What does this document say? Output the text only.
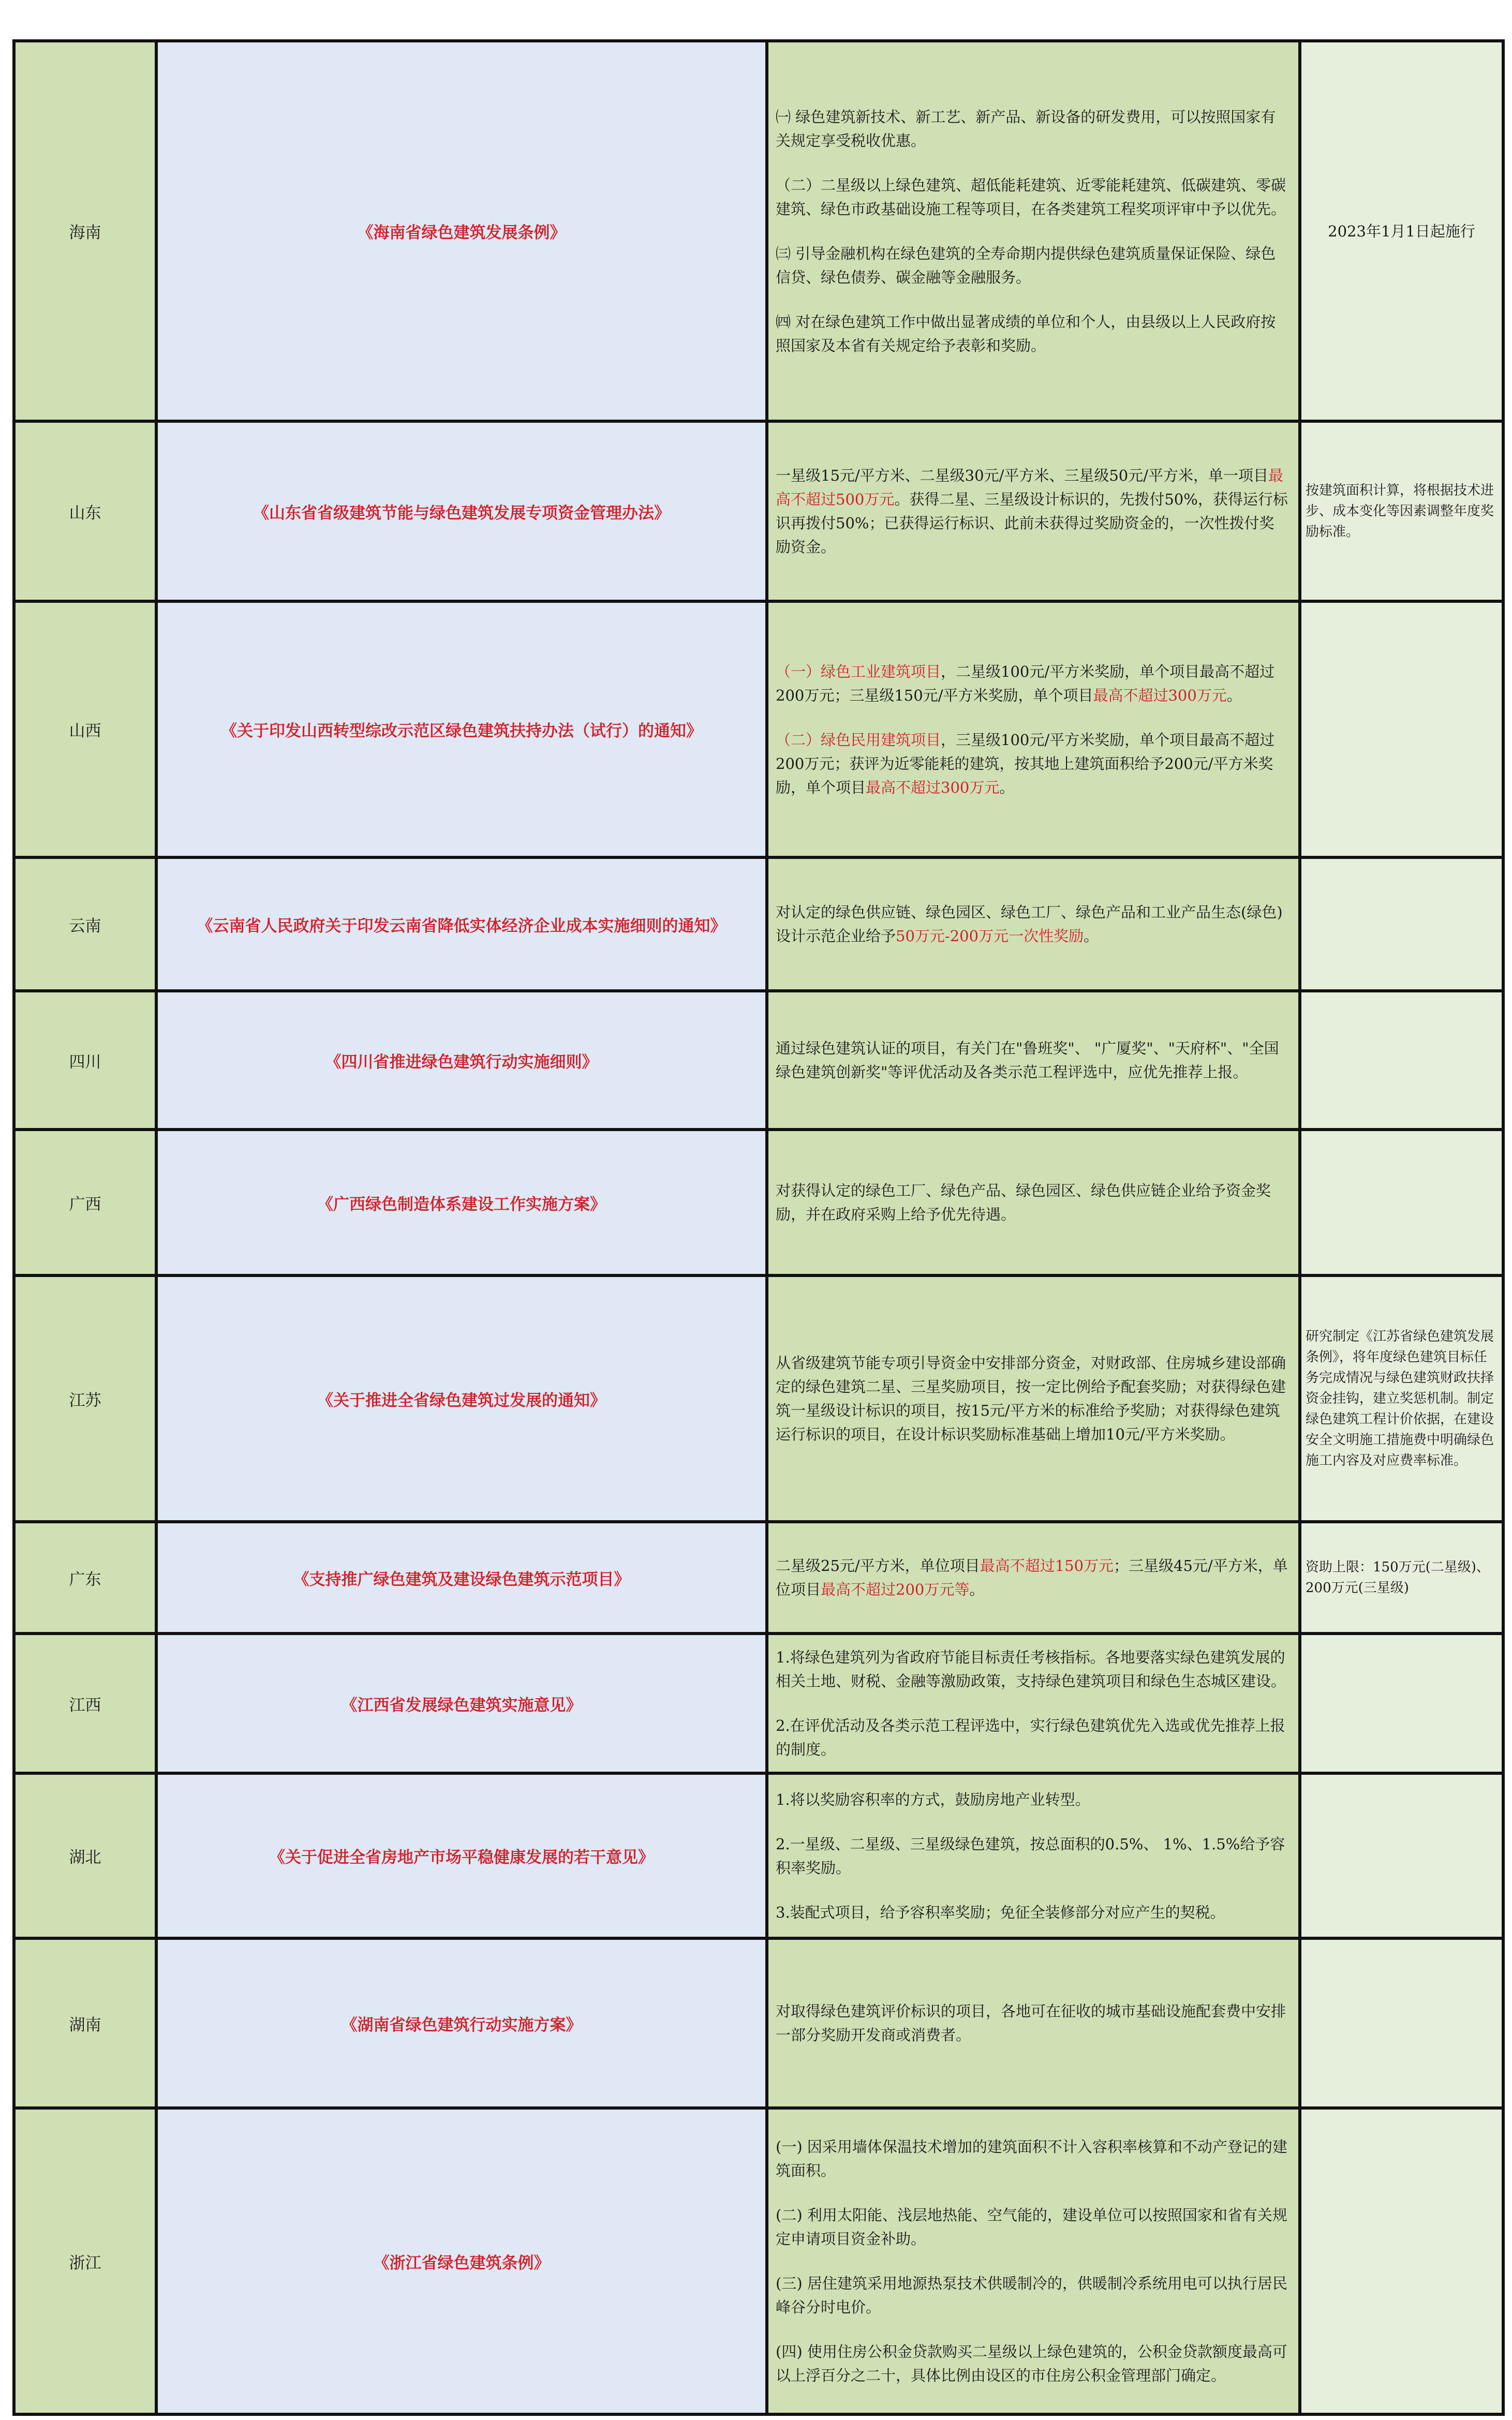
海南	《海南省绿色建筑发展条例》	㈠ 绿色建筑新技术、新工艺、新产品、新设备的研发费用，可以按照国家有关规定享受税收优惠。

（二）二星级以上绿色建筑、超低能耗建筑、近零能耗建筑、低碳建筑、零碳建筑、绿色市政基础设施工程等项目，在各类建筑工程奖项评审中予以优先。

㈢ 引导金融机构在绿色建筑的全寿命期内提供绿色建筑质量保证保险、绿色信贷、绿色债券、碳金融等金融服务。

㈣ 对在绿色建筑工作中做出显著成绩的单位和个人，由县级以上人民政府按照国家及本省有关规定给予表彰和奖励。	2023年1月1日起施行
山东	《山东省省级建筑节能与绿色建筑发展专项资金管理办法》	一星级15元/平方米、二星级30元/平方米、三星级50元/平方米，单一项目最高不超过500万元。获得二星、三星级设计标识的，先拨付50%，获得运行标识再拨付50%；已获得运行标识、此前未获得过奖励资金的，一次性拨付奖励资金。	按建筑面积计算，将根据技术进步、成本变化等因素调整年度奖励标准。
山西	《关于印发山西转型综改示范区绿色建筑扶持办法（试行）的通知》	（一）绿色工业建筑项目，二星级100元/平方米奖励，单个项目最高不超过200万元；三星级150元/平方米奖励，单个项目最高不超过300万元。

（二）绿色民用建筑项目，三星级100元/平方米奖励，单个项目最高不超过200万元；获评为近零能耗的建筑，按其地上建筑面积给予200元/平方米奖励，单个项目最高不超过300万元。	

云南	《云南省人民政府关于印发云南省降低实体经济企业成本实施细则的通知》	对认定的绿色供应链、绿色园区、绿色工厂、绿色产品和工业产品生态(绿色)设计示范企业给予50万元-200万元一次性奖励。	

四川	《四川省推进绿色建筑行动实施细则》	通过绿色建筑认证的项目，有关门在"鲁班奖"、 "广厦奖"、"天府杯"、"全国绿色建筑创新奖"等评优活动及各类示范工程评选中，应优先推荐上报。	

广西	《广西绿色制造体系建设工作实施方案》	对获得认定的绿色工厂、绿色产品、绿色园区、绿色供应链企业给予资金奖励，并在政府采购上给予优先待遇。	

江苏	《关于推进全省绿色建筑过发展的通知》	从省级建筑节能专项引导资金中安排部分资金，对财政部、住房城乡建设部确定的绿色建筑二星、三星奖励项目，按一定比例给予配套奖励；对获得绿色建筑一星级设计标识的项目，按15元/平方米的标准给予奖励；对获得绿色建筑运行标识的项目，在设计标识奖励标准基础上增加10元/平方米奖励。	研究制定《江苏省绿色建筑发展条例》，将年度绿色建筑目标任务完成情况与绿色建筑财政扶择资金挂钩，建立奖惩机制。制定绿色建筑工程计价依据，在建设安全文明施工措施费中明确绿色施工内容及对应费率标准。
广东	《支持推广绿色建筑及建设绿色建筑示范项目》	二星级25元/平方米，单位项目最高不超过150万元；三星级45元/平方米，单位项目最高不超过200万元等。	资助上限：150万元(二星级)、200万元(三星级)
江西	《江西省发展绿色建筑实施意见》	1.将绿色建筑列为省政府节能目标责任考核指标。各地要落实绿色建筑发展的相关土地、财税、金融等激励政策，支持绿色建筑项目和绿色生态城区建设。

2.在评优活动及各类示范工程评选中，实行绿色建筑优先入选或优先推荐上报的制度。	

湖北	《关于促进全省房地产市场平稳健康发展的若干意见》	1.将以奖励容积率的方式，鼓励房地产业转型。

2.一星级、二星级、三星级绿色建筑，按总面积的0.5%、 1%、1.5%给予容积率奖励。

3.装配式项目，给予容积率奖励；免征全装修部分对应产生的契税。	

湖南	《湖南省绿色建筑行动实施方案》	对取得绿色建筑评价标识的项目，各地可在征收的城市基础设施配套费中安排一部分奖励开发商或消费者。	

浙江	《浙江省绿色建筑条例》	(一) 因采用墙体保温技术增加的建筑面积不计入容积率核算和不动产登记的建筑面积。

(二) 利用太阳能、浅层地热能、空气能的，建设单位可以按照国家和省有关规定申请项目资金补助。

(三) 居住建筑采用地源热泵技术供暖制冷的，供暖制冷系统用电可以执行居民峰谷分时电价。

(四) 使用住房公积金贷款购买二星级以上绿色建筑的，公积金贷款额度最高可以上浮百分之二十，具体比例由设区的市住房公积金管理部门确定。	
